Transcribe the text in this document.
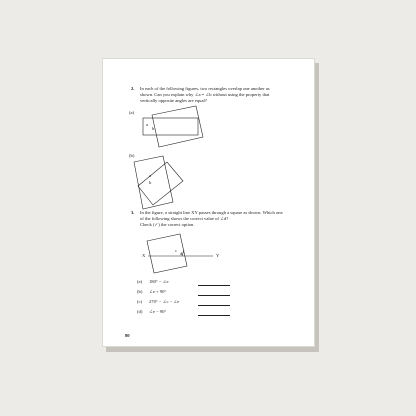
2. In each of the following figures, two rectangles overlap one another as
shown. Can you explain why ∠a = ∠b without using the property that
vertically opposite angles are equal?
(a)
a
b
(b)
a
b
3. In the figure, a straight line XY passes through a square as shown. Which one
of the following shows the correct value of ∠d?
Check (✓) the correct option.
X	Y
c
d
(a) 180° − ∠e
(b) ∠e + 90°
(c) 270° − ∠c − ∠e
(d) ∠e − 90°
80
